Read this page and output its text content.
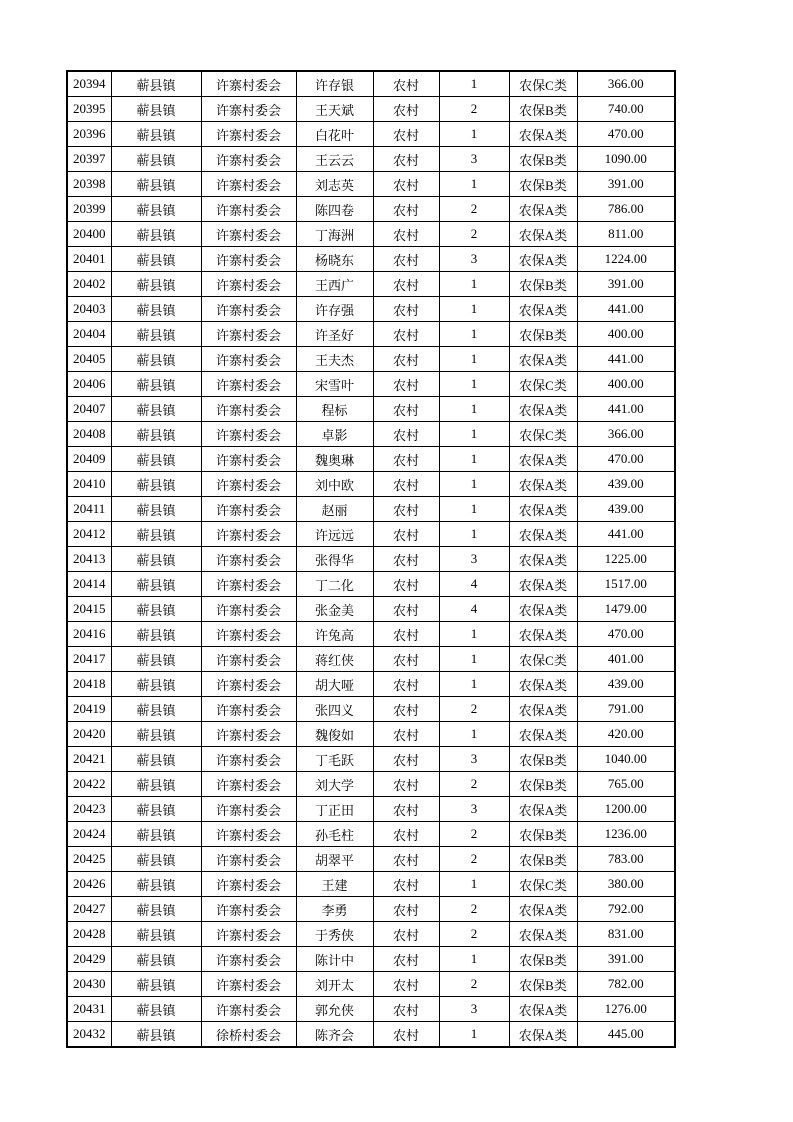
20394	蕲县镇	许寨村委会	许存银	农村	1	农保C类	366.00
20395	蕲县镇	许寨村委会	王天斌	农村	2	农保B类	740.00
20396	蕲县镇	许寨村委会	白花叶	农村	1	农保A类	470.00
20397	蕲县镇	许寨村委会	王云云	农村	3	农保B类	1090.00
20398	蕲县镇	许寨村委会	刘志英	农村	1	农保B类	391.00
20399	蕲县镇	许寨村委会	陈四卷	农村	2	农保A类	786.00
20400	蕲县镇	许寨村委会	丁海洲	农村	2	农保A类	811.00
20401	蕲县镇	许寨村委会	杨晓东	农村	3	农保A类	1224.00
20402	蕲县镇	许寨村委会	王西广	农村	1	农保B类	391.00
20403	蕲县镇	许寨村委会	许存强	农村	1	农保A类	441.00
20404	蕲县镇	许寨村委会	许圣好	农村	1	农保B类	400.00
20405	蕲县镇	许寨村委会	王夫杰	农村	1	农保A类	441.00
20406	蕲县镇	许寨村委会	宋雪叶	农村	1	农保C类	400.00
20407	蕲县镇	许寨村委会	程标	农村	1	农保A类	441.00
20408	蕲县镇	许寨村委会	卓影	农村	1	农保C类	366.00
20409	蕲县镇	许寨村委会	魏奥琳	农村	1	农保A类	470.00
20410	蕲县镇	许寨村委会	刘中欧	农村	1	农保A类	439.00
20411	蕲县镇	许寨村委会	赵丽	农村	1	农保A类	439.00
20412	蕲县镇	许寨村委会	许远远	农村	1	农保A类	441.00
20413	蕲县镇	许寨村委会	张得华	农村	3	农保A类	1225.00
20414	蕲县镇	许寨村委会	丁二化	农村	4	农保A类	1517.00
20415	蕲县镇	许寨村委会	张金美	农村	4	农保A类	1479.00
20416	蕲县镇	许寨村委会	许兔高	农村	1	农保A类	470.00
20417	蕲县镇	许寨村委会	蒋红侠	农村	1	农保C类	401.00
20418	蕲县镇	许寨村委会	胡大哑	农村	1	农保A类	439.00
20419	蕲县镇	许寨村委会	张四义	农村	2	农保A类	791.00
20420	蕲县镇	许寨村委会	魏俊如	农村	1	农保A类	420.00
20421	蕲县镇	许寨村委会	丁毛跃	农村	3	农保B类	1040.00
20422	蕲县镇	许寨村委会	刘大学	农村	2	农保B类	765.00
20423	蕲县镇	许寨村委会	丁正田	农村	3	农保A类	1200.00
20424	蕲县镇	许寨村委会	孙毛柱	农村	2	农保B类	1236.00
20425	蕲县镇	许寨村委会	胡翠平	农村	2	农保B类	783.00
20426	蕲县镇	许寨村委会	王建	农村	1	农保C类	380.00
20427	蕲县镇	许寨村委会	李勇	农村	2	农保A类	792.00
20428	蕲县镇	许寨村委会	于秀侠	农村	2	农保A类	831.00
20429	蕲县镇	许寨村委会	陈计中	农村	1	农保B类	391.00
20430	蕲县镇	许寨村委会	刘开太	农村	2	农保B类	782.00
20431	蕲县镇	许寨村委会	郭允侠	农村	3	农保A类	1276.00
20432	蕲县镇	徐桥村委会	陈齐会	农村	1	农保A类	445.00
